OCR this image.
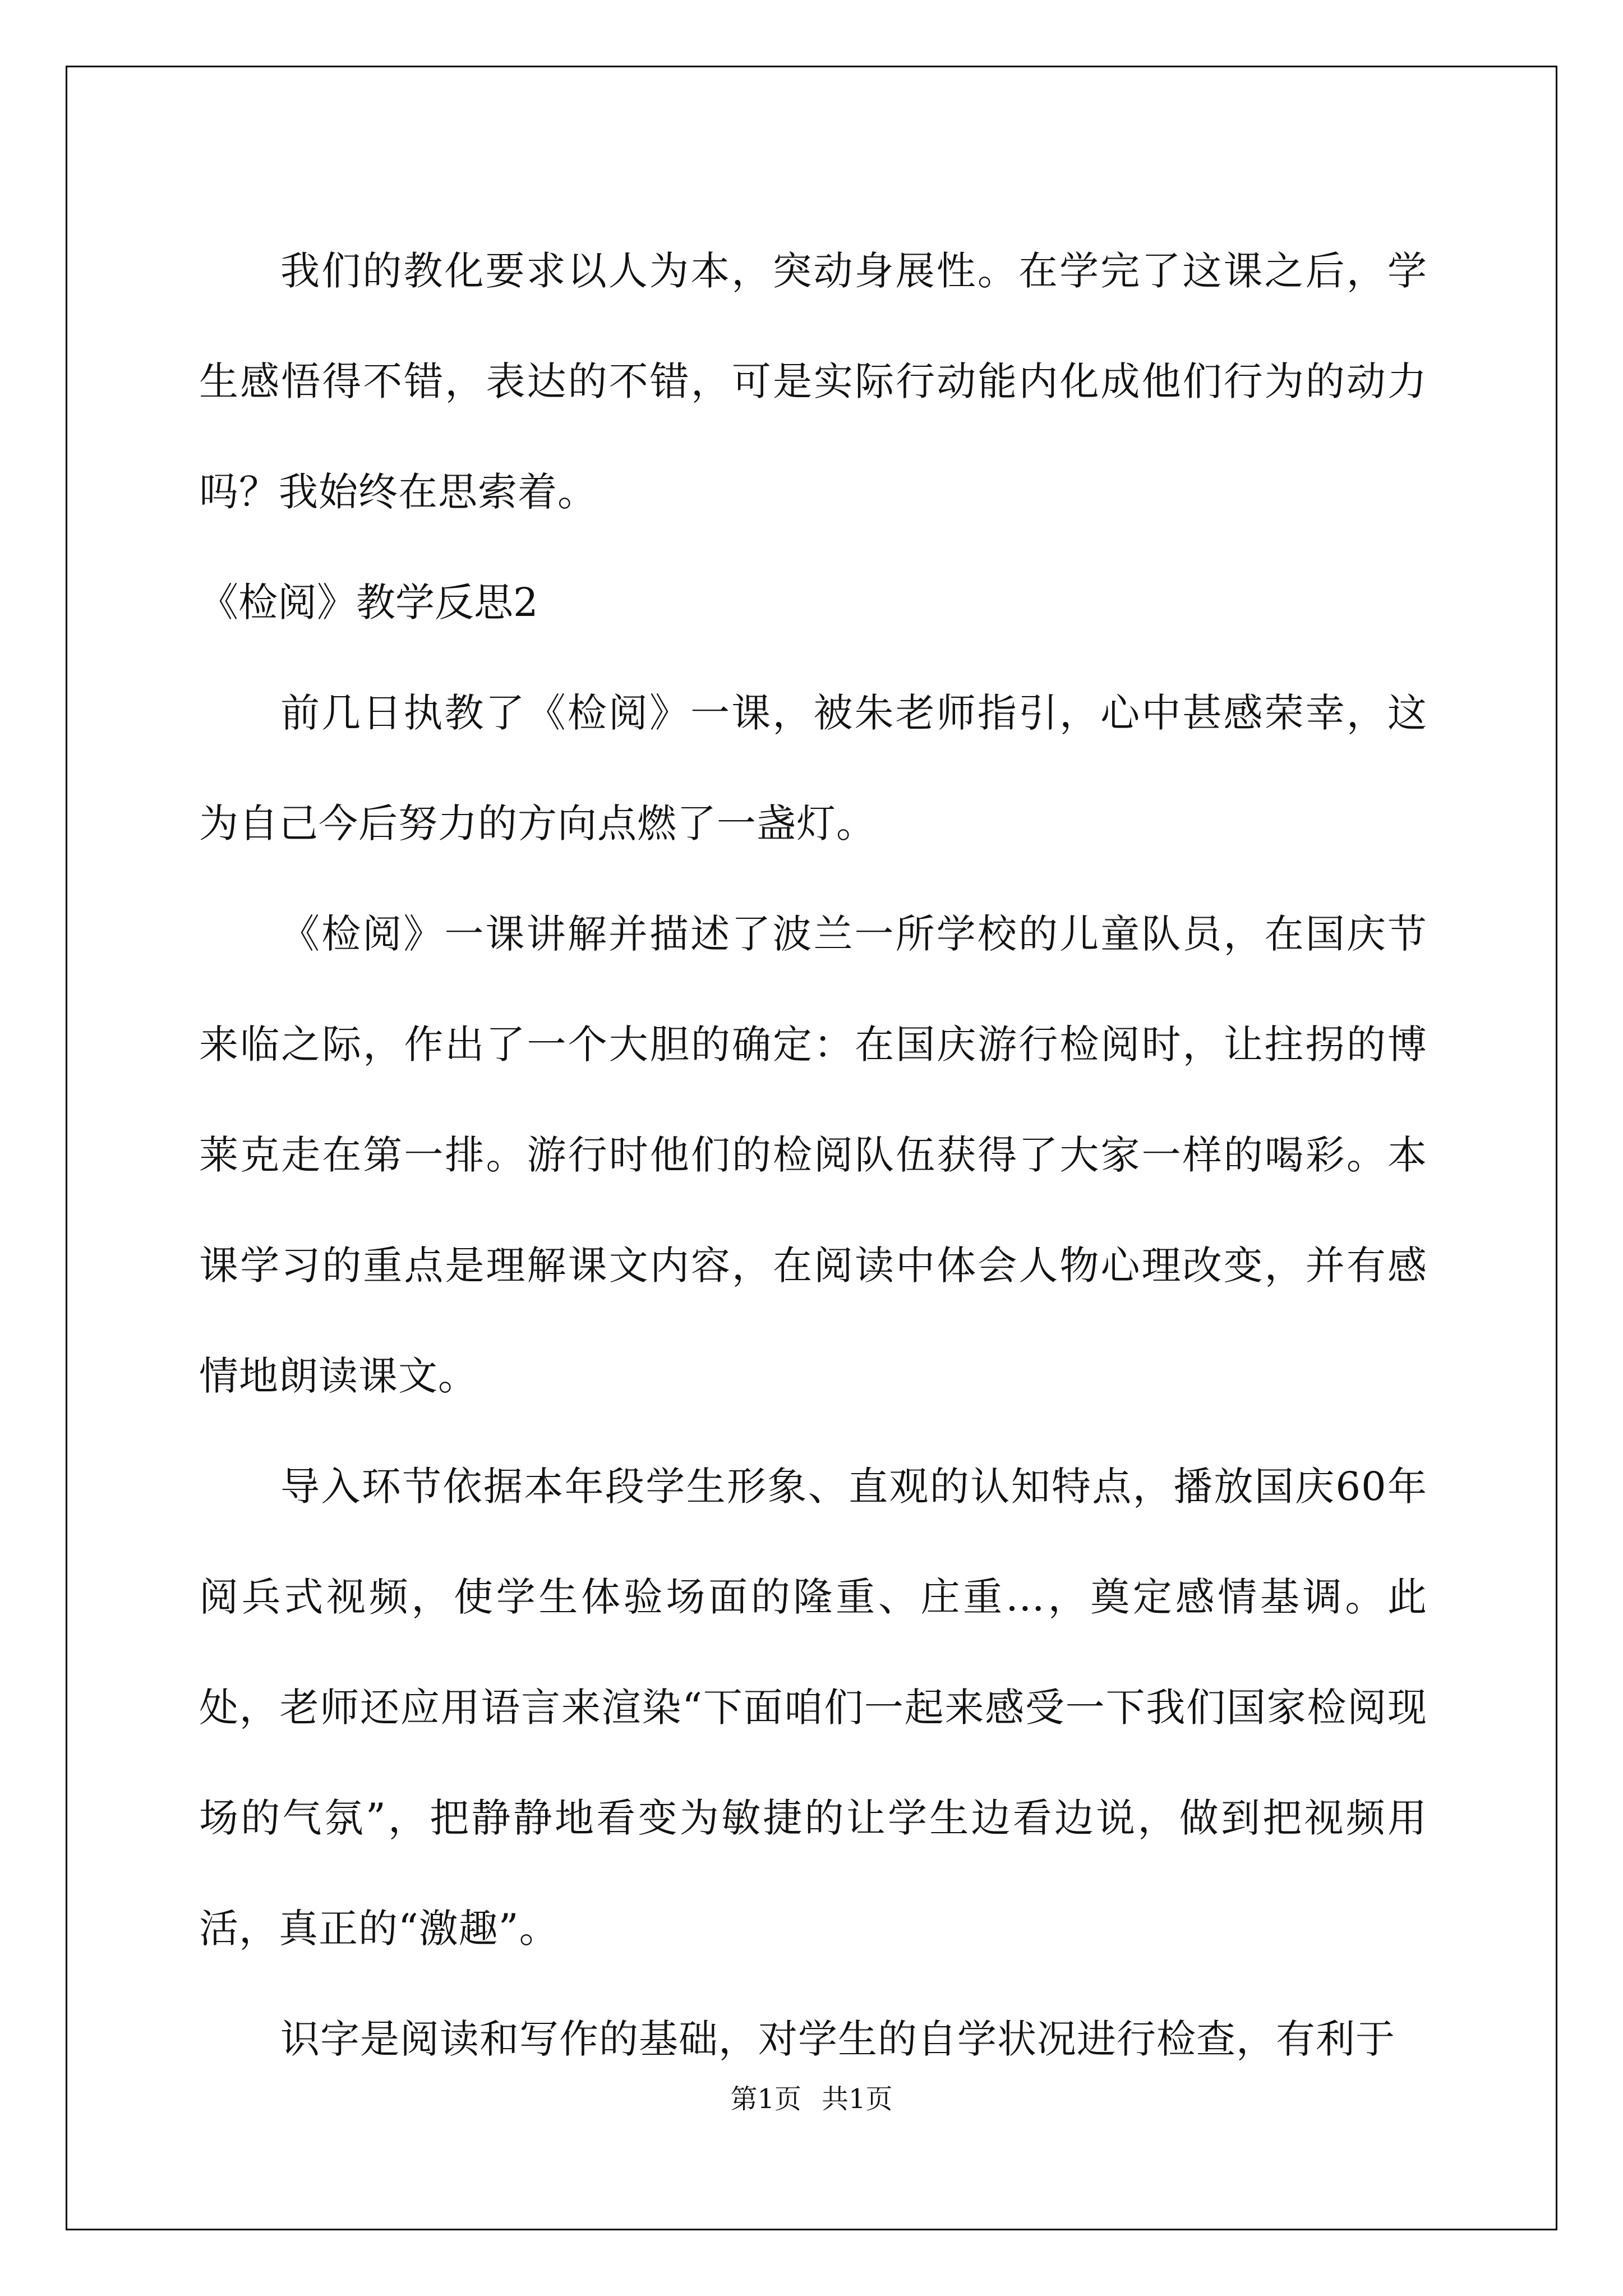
我们的教化要求以人为本，突动身展性。在学完了这课之后，学生感悟得不错，表达的不错，可是实际行动能内化成他们行为的动力吗？我始终在思索着。

《检阅》教学反思2

前几日执教了《检阅》一课，被朱老师指引，心中甚感荣幸，这为自己今后努力的方向点燃了一盏灯。

《检阅》一课讲解并描述了波兰一所学校的儿童队员，在国庆节来临之际，作出了一个大胆的确定：在国庆游行检阅时，让拄拐的博莱克走在第一排。游行时他们的检阅队伍获得了大家一样的喝彩。本课学习的重点是理解课文内容，在阅读中体会人物心理改变，并有感情地朗读课文。

导入环节依据本年段学生形象、直观的认知特点，播放国庆60年阅兵式视频，使学生体验场面的隆重、庄重…，奠定感情基调。此处，老师还应用语言来渲染“下面咱们一起来感受一下我们国家检阅现场的气氛”，把静静地看变为敏捷的让学生边看边说，做到把视频用活，真正的“激趣”。

识字是阅读和写作的基础，对学生的自学状况进行检查，有利于

第1页 共1页
